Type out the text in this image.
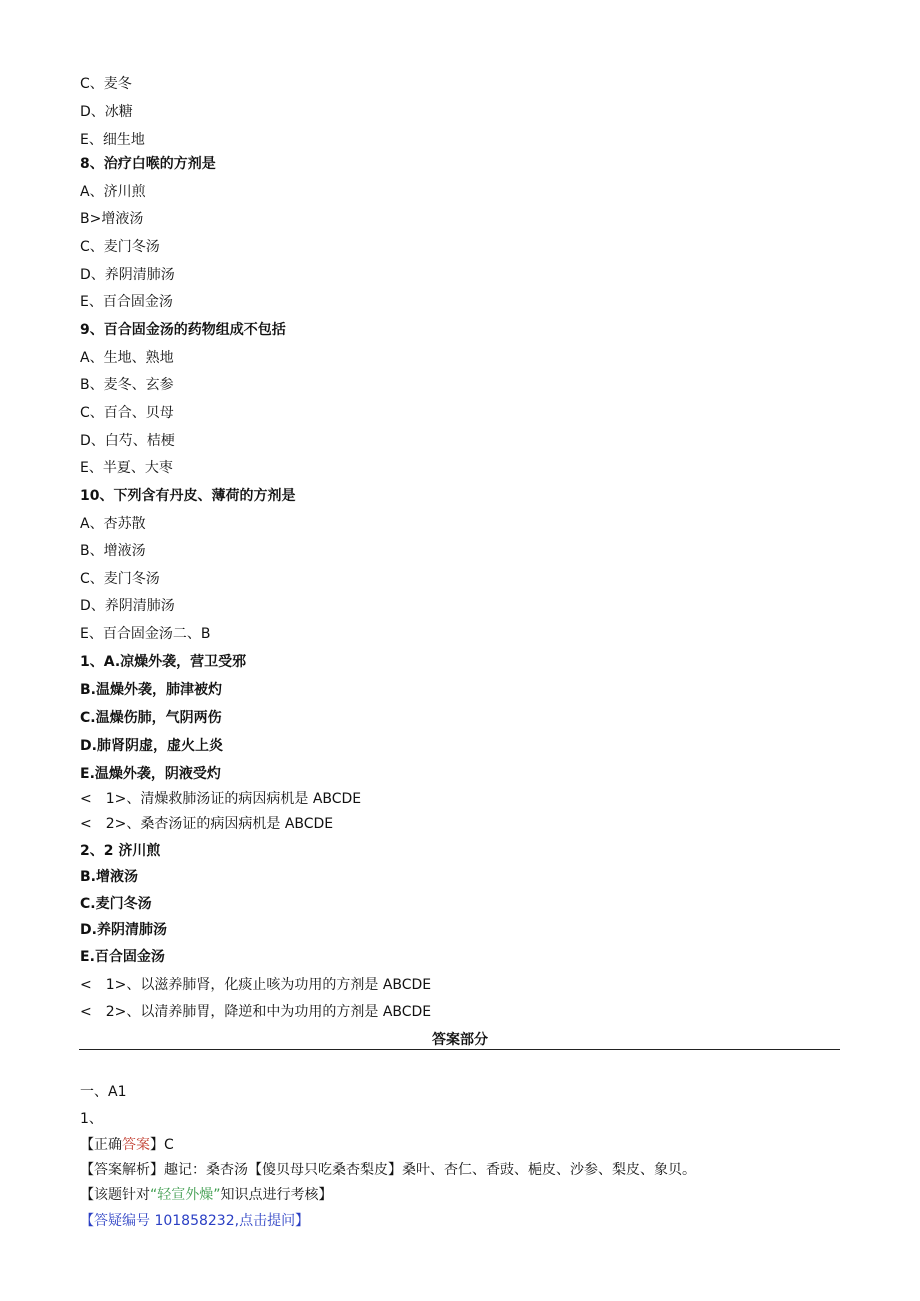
C、麦冬
D、冰糖
E、细生地
8、治疗白喉的方剂是
A、济川煎
B>增液汤
C、麦门冬汤
D、养阴清肺汤
E、百合固金汤
9、百合固金汤的药物组成不包括
A、生地、熟地
B、麦冬、玄参
C、百合、贝母
D、白芍、桔梗
E、半夏、大枣
10、下列含有丹皮、薄荷的方剂是
A、杏苏散
B、增液汤
C、麦门冬汤
D、养阴清肺汤
E、百合固金汤二、B
1、A.凉燥外袭，营卫受邪
B.温燥外袭，肺津被灼
C.温燥伤肺，气阴两伤
D.肺肾阴虚，虚火上炎
E.温燥外袭，阴液受灼
<　1>、清燥救肺汤证的病因病机是 ABCDE
<　2>、桑杏汤证的病因病机是 ABCDE
2、2 济川煎
B.增液汤
C.麦门冬汤
D.养阴清肺汤
E.百合固金汤
<　1>、以滋养肺肾，化痰止咳为功用的方剂是 ABCDE
<　2>、以清养肺胃，降逆和中为功用的方剂是 ABCDE
答案部分
一、A1
1、
【正确答案】C
【答案解析】趣记：桑杏汤【傻贝母只吃桑杏梨皮】桑叶、杏仁、香豉、梔皮、沙参、梨皮、象贝。
【该题针对“轻宣外燥”知识点进行考核】
【答疑编号 101858232,点击提问】
